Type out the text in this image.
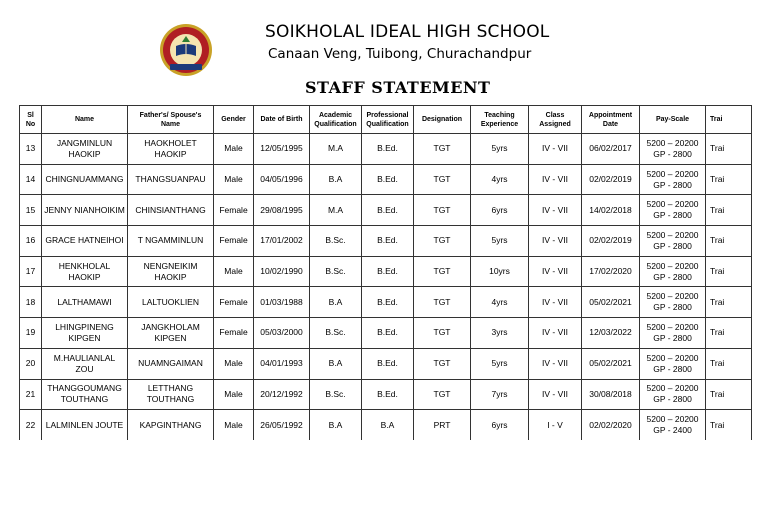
SOIKHOLAL IDEAL HIGH SCHOOL
Canaan Veng, Tuibong, Churachandpur
STAFF STATEMENT
Sl No	Name	Father's/ Spouse's Name	Gender	Date of Birth	Academic Qualification	Professional Qualification	Designation	Teaching Experience	Class Assigned	Appointment Date	Pay-Scale	Trai
13	JANGMINLUN HAOKIP	HAOKHOLET HAOKIP	Male	12/05/1995	M.A	B.Ed.	TGT	5yrs	IV - VII	06/02/2017	5200 – 20200 GP - 2800	Trai
14	CHINGNUAMMANG	THANGSUANPAU	Male	04/05/1996	B.A	B.Ed.	TGT	4yrs	IV - VII	02/02/2019	5200 – 20200 GP - 2800	Trai
15	JENNY NIANHOIKIM	CHINSIANTHANG	Female	29/08/1995	M.A	B.Ed.	TGT	6yrs	IV - VII	14/02/2018	5200 – 20200 GP - 2800	Trai
16	GRACE HATNEIHOI	T NGAMMINLUN	Female	17/01/2002	B.Sc.	B.Ed.	TGT	5yrs	IV - VII	02/02/2019	5200 – 20200 GP - 2800	Trai
17	HENKHOLAL HAOKIP	NENGNEIKIM HAOKIP	Male	10/02/1990	B.Sc.	B.Ed.	TGT	10yrs	IV - VII	17/02/2020	5200 – 20200 GP - 2800	Trai
18	LALTHAMAWI	LALTUOKLIEN	Female	01/03/1988	B.A	B.Ed.	TGT	4yrs	IV - VII	05/02/2021	5200 – 20200 GP - 2800	Trai
19	LHINGPINENG KIPGEN	JANGKHOLAM KIPGEN	Female	05/03/2000	B.Sc.	B.Ed.	TGT	3yrs	IV - VII	12/03/2022	5200 – 20200 GP - 2800	Trai
20	M.HAULIANLAL ZOU	NUAMNGAIMAN	Male	04/01/1993	B.A	B.Ed.	TGT	5yrs	IV - VII	05/02/2021	5200 – 20200 GP - 2800	Trai
21	THANGGOUMANG TOUTHANG	LETTHANG TOUTHANG	Male	20/12/1992	B.Sc.	B.Ed.	TGT	7yrs	IV - VII	30/08/2018	5200 – 20200 GP - 2800	Trai
22	LALMINLEN JOUTE	KAPGINTHANG	Male	26/05/1992	B.A	B.A	PRT	6yrs	I - V	02/02/2020	5200 – 20200 GP - 2400	Trai
